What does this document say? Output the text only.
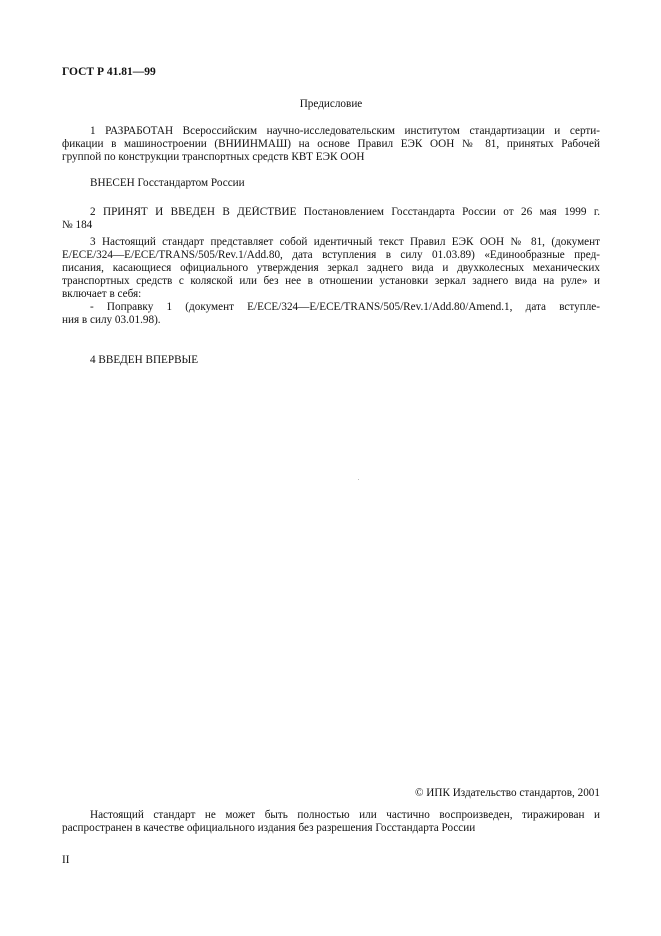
ГОСТ Р 41.81—99
Предисловие
1 РАЗРАБОТАН Всероссийским научно-исследовательским институтом стандартизации и серти-
фикации в машиностроении (ВНИИНМАШ) на основе Правил ЕЭК ООН № 81, принятых Рабочей
группой по конструкции транспортных средств КВТ ЕЭК ООН
ВНЕСЕН Госстандартом России
2 ПРИНЯТ И ВВЕДЕН В ДЕЙСТВИЕ Постановлением Госстандарта России от 26 мая 1999 г.
№ 184
3 Настоящий стандарт представляет собой идентичный текст Правил ЕЭК ООН № 81, (документ
E/ECE/324—E/ECE/TRANS/505/Rev.1/Add.80, дата вступления в силу 01.03.89) «Единообразные пред-
писания, касающиеся официального утверждения зеркал заднего вида и двухколесных механических
транспортных средств с коляской или без нее в отношении установки зеркал заднего вида на руле» и
включает в себя:
- Поправку 1 (документ E/ECE/324—E/ECE/TRANS/505/Rev.1/Add.80/Amend.1, дата вступле-
ния в силу 03.01.98).
4 ВВЕДЕН ВПЕРВЫЕ
© ИПК Издательство стандартов, 2001
Настоящий стандарт не может быть полностью или частично воспроизведен, тиражирован и
распространен в качестве официального издания без разрешения Госстандарта России
II
